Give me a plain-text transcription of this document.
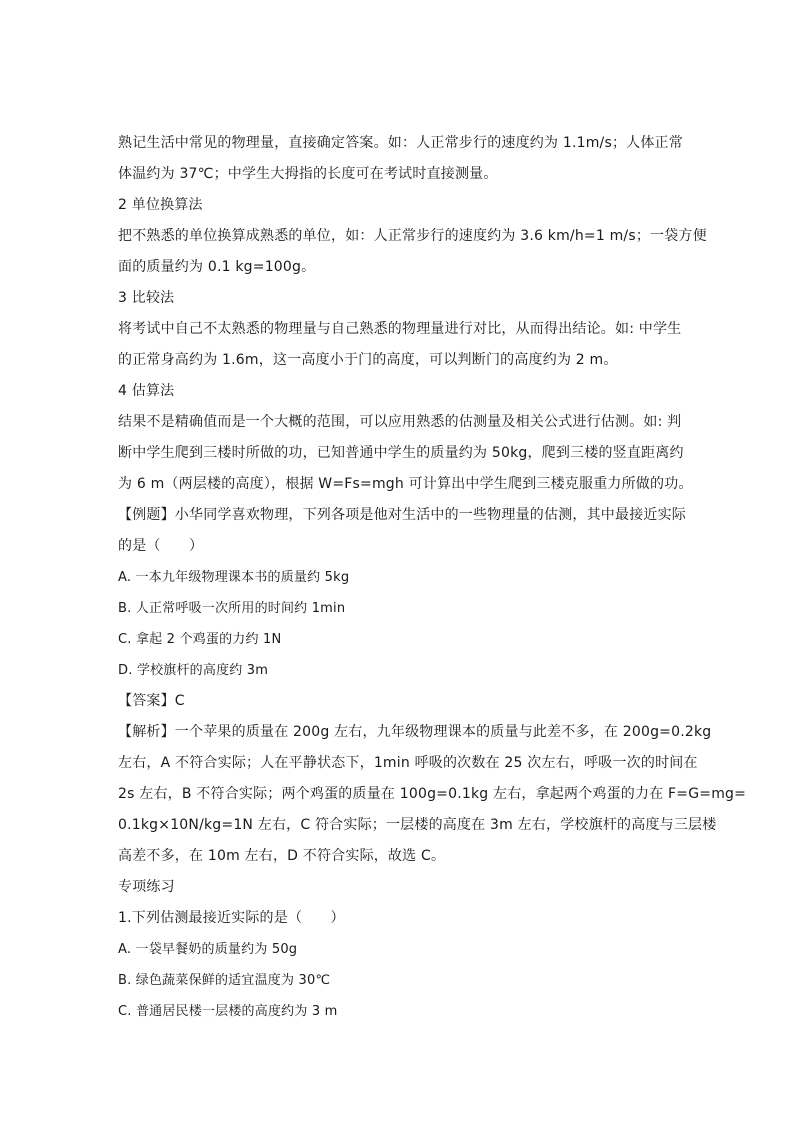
熟记生活中常见的物理量，直接确定答案。如：人正常步行的速度约为 1.1m/s；人体正常
体温约为 37℃；中学生大拇指的长度可在考试时直接测量。
2 单位换算法
把不熟悉的单位换算成熟悉的单位，如：人正常步行的速度约为 3.6 km/h=1 m/s；一袋方便
面的质量约为 0.1 kg=100g。
3 比较法
将考试中自己不太熟悉的物理量与自己熟悉的物理量进行对比，从而得出结论。如: 中学生
的正常身高约为 1.6m，这一高度小于门的高度，可以判断门的高度约为 2 m。
4 估算法
结果不是精确值而是一个大概的范围，可以应用熟悉的估测量及相关公式进行估测。如: 判
断中学生爬到三楼时所做的功，已知普通中学生的质量约为 50kg，爬到三楼的竖直距离约
为 6 m（两层楼的高度），根据 W=Fs=mgh 可计算出中学生爬到三楼克服重力所做的功。
【例题】小华同学喜欢物理，下列各项是他对生活中的一些物理量的估测，其中最接近实际
的是（　　）
A. 一本九年级物理课本书的质量约 5kg
B. 人正常呼吸一次所用的时间约 1min
C. 拿起 2 个鸡蛋的力约 1N
D. 学校旗杆的高度约 3m
【答案】C
【解析】一个苹果的质量在 200g 左右，九年级物理课本的质量与此差不多，在 200g=0.2kg
左右，A 不符合实际；人在平静状态下，1min 呼吸的次数在 25 次左右，呼吸一次的时间在
2s 左右，B 不符合实际；两个鸡蛋的质量在 100g=0.1kg 左右，拿起两个鸡蛋的力在 F=G=mg=
0.1kg×10N/kg=1N 左右，C 符合实际；一层楼的高度在 3m 左右，学校旗杆的高度与三层楼
高差不多，在 10m 左右，D 不符合实际，故选 C。
专项练习
1.下列估测最接近实际的是（　　）
A. 一袋早餐奶的质量约为 50g
B. 绿色蔬菜保鲜的适宜温度为 30℃
C. 普通居民楼一层楼的高度约为 3 m
